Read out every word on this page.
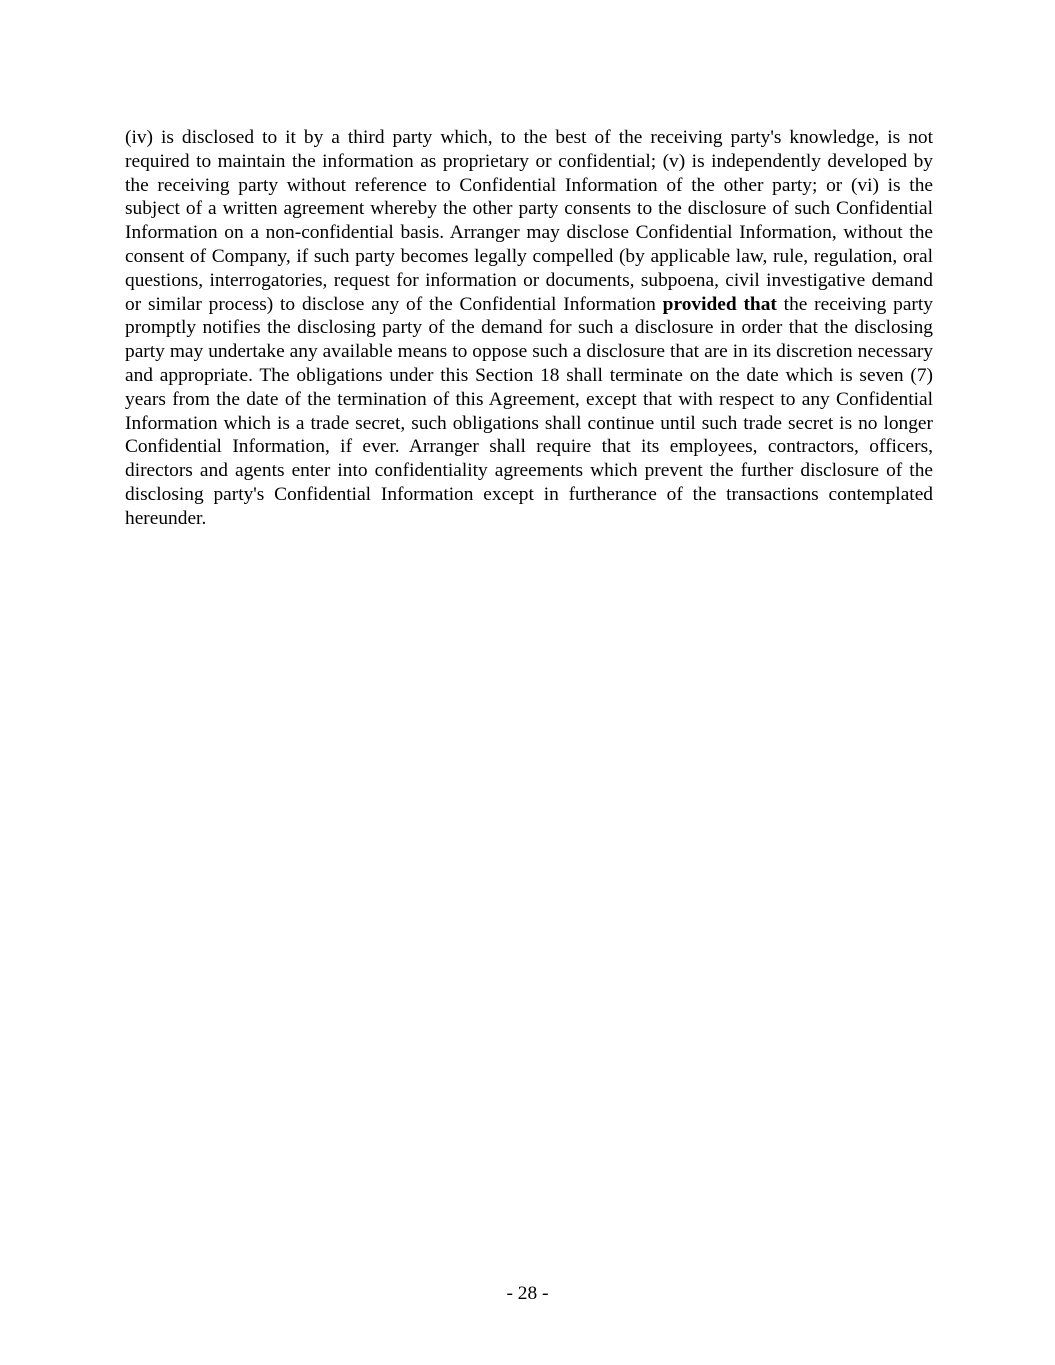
(iv) is disclosed to it by a third party which, to the best of the receiving party's knowledge, is not required to maintain the information as proprietary or confidential; (v) is independently developed by the receiving party without reference to Confidential Information of the other party; or (vi) is the subject of a written agreement whereby the other party consents to the disclosure of such Confidential Information on a non-confidential basis. Arranger may disclose Confidential Information, without the consent of Company, if such party becomes legally compelled (by applicable law, rule, regulation, oral questions, interrogatories, request for information or documents, subpoena, civil investigative demand or similar process) to disclose any of the Confidential Information provided that the receiving party promptly notifies the disclosing party of the demand for such a disclosure in order that the disclosing party may undertake any available means to oppose such a disclosure that are in its discretion necessary and appropriate. The obligations under this Section 18 shall terminate on the date which is seven (7) years from the date of the termination of this Agreement, except that with respect to any Confidential Information which is a trade secret, such obligations shall continue until such trade secret is no longer Confidential Information, if ever. Arranger shall require that its employees, contractors, officers, directors and agents enter into confidentiality agreements which prevent the further disclosure of the disclosing party's Confidential Information except in furtherance of the transactions contemplated hereunder.

- 28 -
